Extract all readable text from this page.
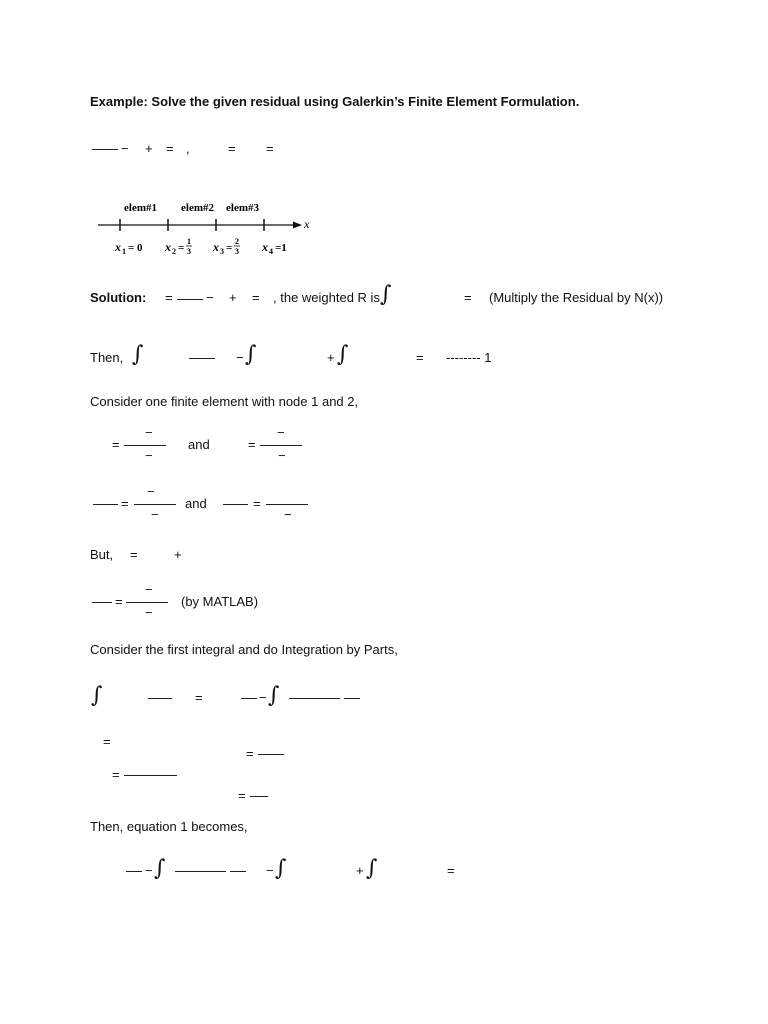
Example: Solve the given residual using Galerkin’s Finite Element Formulation.
− + = ,	= =
x
elem#1 elem#2 elem#3
x 1 = 0 x 2 =
1
3 x 3 =
2
3 x 4 =1
Solution: =	− + = , the weighted R is ∫	= (Multiply the Residual by N(x))
Then, ∫	− ∫	+ ∫	= -------- 1
Consider one finite element with node 1 and 2,
=
−
−
and	=
−
−
=
−
−
and	=
−
But, =	+
=
−
−
(by MATLAB)
Consider the first integral and do Integration by Parts,
∫	=	− ∫
=
=
=
=
Then, equation 1 becomes,
− ∫	− ∫	+ ∫	=
